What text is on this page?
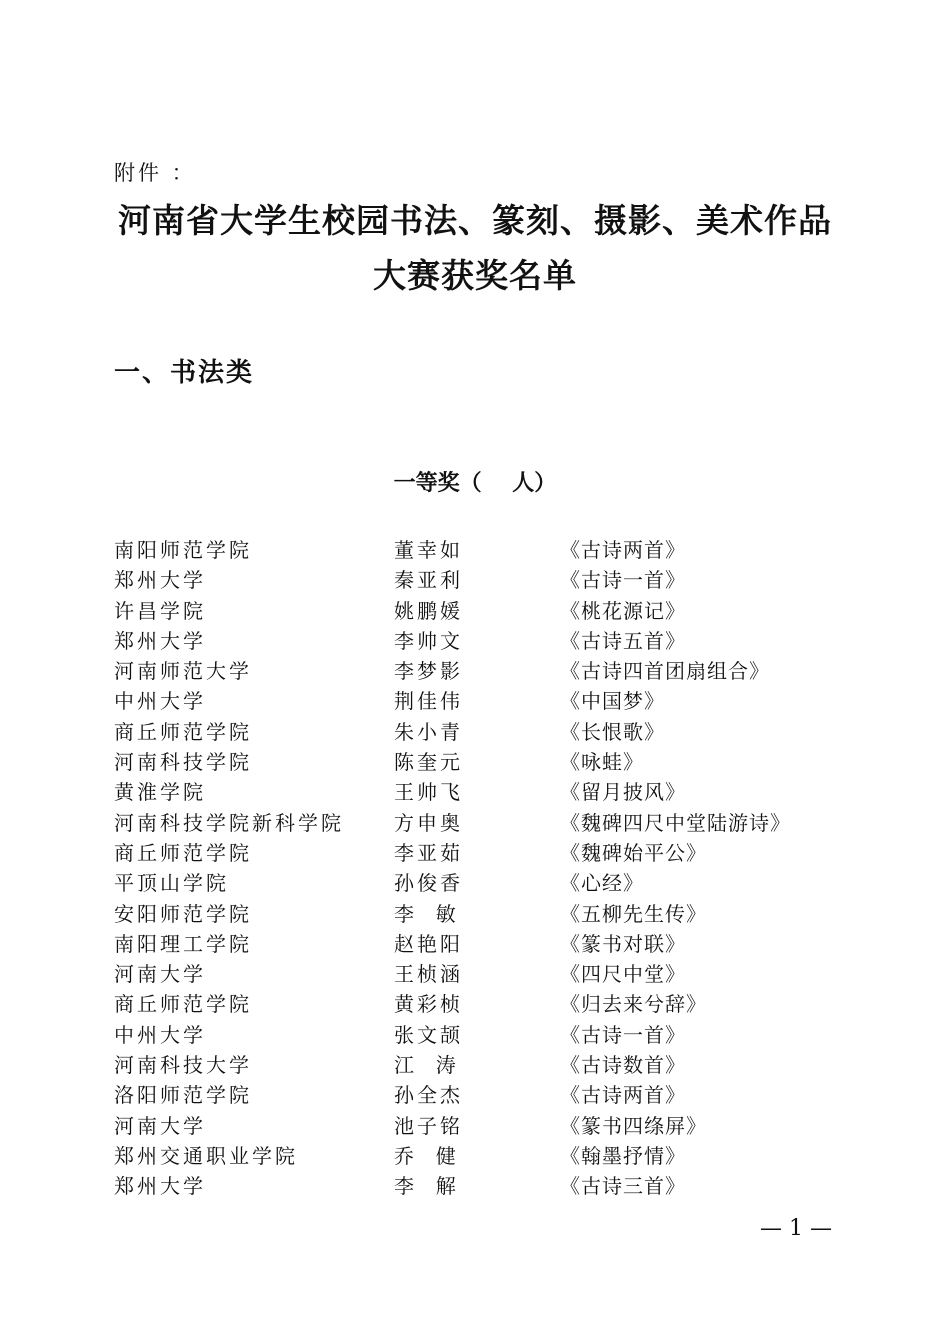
附件 ：
河南省大学生校园书法、篆刻、摄影、美术作品
大赛获奖名单
一、书法类
一等奖（    人）
南阳师范学院	董幸如	《古诗两首》
郑州大学	秦亚利	《古诗一首》
许昌学院	姚鹏媛	《桃花源记》
郑州大学	李帅文	《古诗五首》
河南师范大学	李梦影	《古诗四首团扇组合》
中州大学	荆佳伟	《中国梦》
商丘师范学院	朱小青	《长恨歌》
河南科技学院	陈奎元	《咏蛙》
黄淮学院	王帅飞	《留月披风》
河南科技学院新科学院	方申奥	《魏碑四尺中堂陆游诗》
商丘师范学院	李亚茹	《魏碑始平公》
平顶山学院	孙俊香	《心经》
安阳师范学院	李  敏	《五柳先生传》
南阳理工学院	赵艳阳	《篆书对联》
河南大学	王桢涵	《四尺中堂》
商丘师范学院	黄彩桢	《归去来兮辞》
中州大学	张文颉	《古诗一首》
河南科技大学	江  涛	《古诗数首》
洛阳师范学院	孙全杰	《古诗两首》
河南大学	池子铭	《篆书四绦屏》
郑州交通职业学院	乔  健	《翰墨抒情》
郑州大学	李  解	《古诗三首》
— 1 —
